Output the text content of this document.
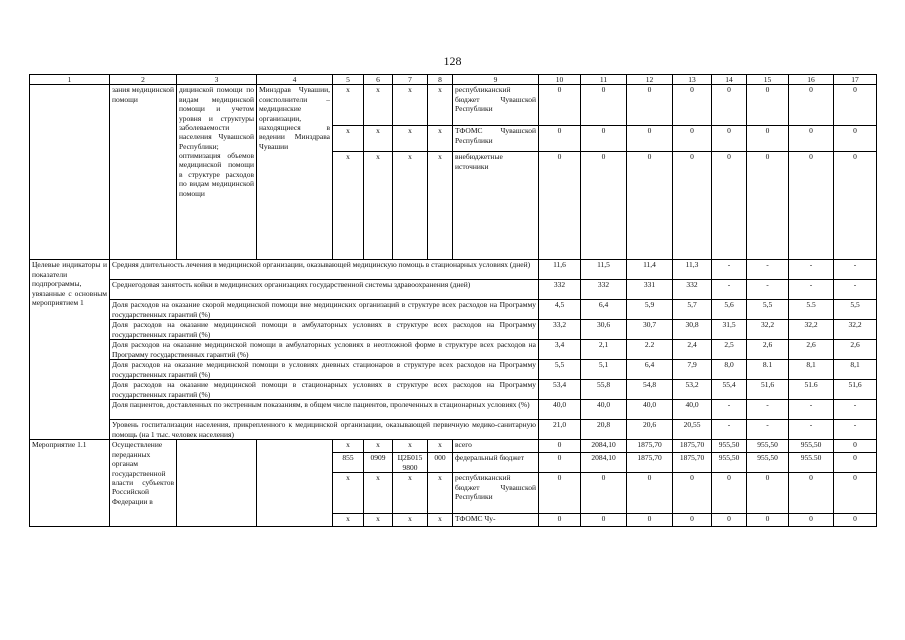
128
1	2	3	4	5	6	7	8	9	10	11	12	13	14	15	16	17
	зания медицинской помощи	дицинской помощи по видам медицинской помощи и учетом уровня и структуры заболеваемости населения Чувашской Республики; оптимизация объемов медицинской помощи в структуре расходов по видам медицинской помощи	Минздрав Чувашии, соисполнители – медицинские организации, находящиеся в ведении Минздрава Чувашии	x	x	x	x	республиканский бюджет Чувашской Республики	0	0	0	0	0	0	0	0
				x	x	x	x	ТФОМС Чувашской Республики	0	0	0	0	0	0	0	0
				x	x	x	x	внебюджетные источники	0	0	0	0	0	0	0	0
Целевые индикаторы и показатели подпрограммы, увязанные с основным мероприятием 1	Средняя длительность лечения в медицинской организации, оказывающей медицинскую помощь в стационарных условиях (дней)								11,6	11,5	11,4	11,3	-	-	-	-
	Среднегодовая занятость койки в медицинских организациях государственной системы здравоохранения (дней)								332	332	331	332	-	-	-	-
	Доля расходов на оказание скорой медицинской помощи вне медицинских организаций в структуре всех расходов на Программу государственных гарантий (%)								4,5	6,4	5,9	5,7	5,6	5,5	5.5	5,5
	Доля расходов на оказание медицинской помощи в амбулаторных условиях в структуре всех расходов на Программу государственных гарантий (%)								33,2	30,6	30,7	30,8	31,5	32,2	32,2	32,2
	Доля расходов на оказание медицинской помощи в амбулаторных условиях в неотложной форме в структуре всех расходов на Программу государственных гарантий (%)								3,4	2,1	2.2	2,4	2,5	2,6	2,6	2,6
	Доля расходов на оказание медицинской помощи в условиях дневных стационаров в структуре всех расходов на Программу государственных гарантий (%)								5,5	5,1	6,4	7,9	8,0	8.1	8,1	8,1
	Доля расходов на оказание медицинской помощи в стационарных условиях в структуре всех расходов на Программу государственных гарантий (%)								53,4	55,8	54,8	53,2	55,4	51,6	51.6	51,6
	Доля пациентов, доставленных по экстренным показаниям, в общем числе пациентов, пролеченных в стационарных условиях (%)								40,0	40,0	40,0	40,0	-	-	-	-
	Уровень госпитализации населения, прикрепленного к медицинской организации, оказывающей первичную медико-санитарную помощь (на 1 тыс. человек населения)								21,0	20,8	20,6	20,55	-	-	-	-
Мероприятие 1.1	Осуществление переданных органам государственной власти субъектов Российской Федерации в			x	x	x	x	всего	0	2084,10	1875,70	1875,70	955,50	955,50	955,50	0
				855	0909	Ц2Б015 9800	000	федеральный бюджет	0	2084,10	1875,70	1875,70	955,50	955,50	955.50	0
				x	x	x	x	республиканский бюджет Чувашской Республики	0	0	0	0	0	0	0	0
				x	x	x	x	ТФОМС Чу-	0	0	0	0	0	0	0	0
